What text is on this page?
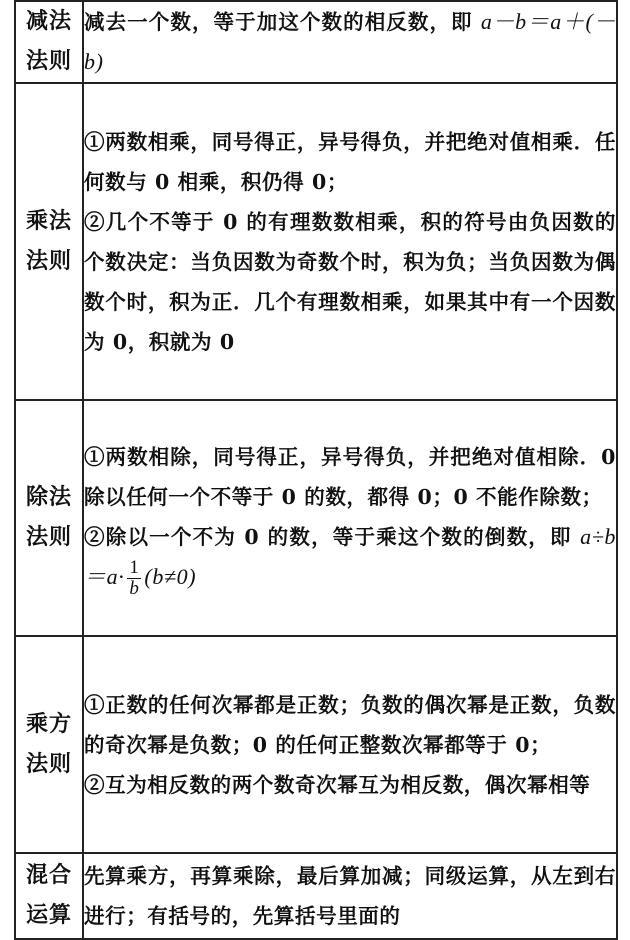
减法
法则	减去一个数，等于加这个数的相反数，即 a－b＝a＋(－b)

乘法
法则	①两数相乘，同号得正，异号得负，并把绝对值相乘．任何数与 0 相乘，积仍得 0；
②几个不等于 0 的有理数数相乘，积的符号由负因数的个数决定：当负因数为奇数个时，积为负；当负因数为偶数个时，积为正．几个有理数相乘，如果其中有一个因数为 0，积就为 0

除法
法则	①两数相除，同号得正，异号得负，并把绝对值相除．0 除以任何一个不等于 0 的数，都得 0；0 不能作除数；
②除以一个不为 0 的数，等于乘这个数的倒数，即 $a\div b=a\cdot \frac{1}{b} (b\ne 0)$

乘方
法则	①正数的任何次幂都是正数；负数的偶次幂是正数，负数的奇次幂是负数；0 的任何正整数次幂都等于 0；
②互为相反数的两个数奇次幂互为相反数，偶次幂相等

混合
运算	先算乘方，再算乘除，最后算加减；同级运算，从左到右进行；有括号的，先算括号里面的
